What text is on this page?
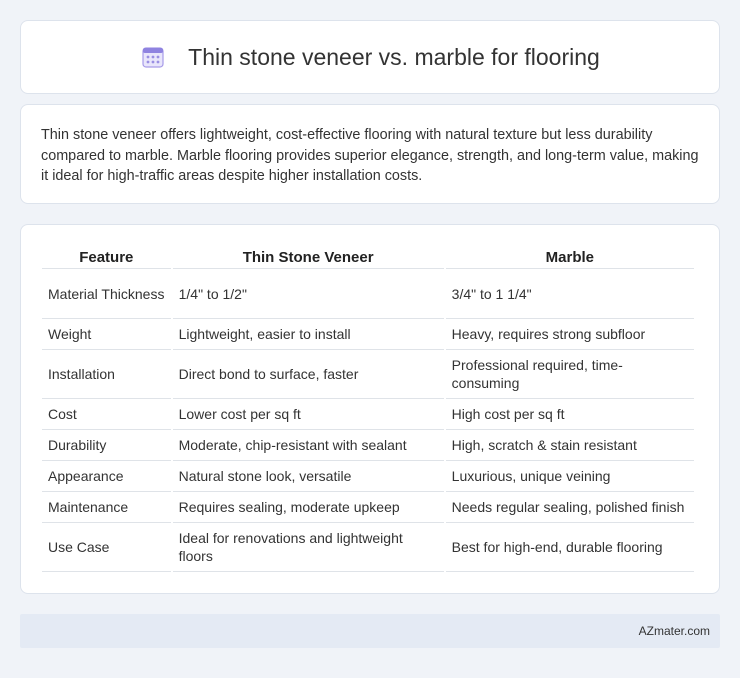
Thin stone veneer vs. marble for flooring

Thin stone veneer offers lightweight, cost-effective flooring with natural texture but less durability compared to marble. Marble flooring provides superior elegance, strength, and long-term value, making it ideal for high-traffic areas despite higher installation costs.

Feature	Thin Stone Veneer	Marble
Material Thickness	1/4" to 1/2"	3/4" to 1 1/4"
Weight	Lightweight, easier to install	Heavy, requires strong subfloor
Installation	Direct bond to surface, faster	Professional required, time-consuming
Cost	Lower cost per sq ft	High cost per sq ft
Durability	Moderate, chip-resistant with sealant	High, scratch & stain resistant
Appearance	Natural stone look, versatile	Luxurious, unique veining
Maintenance	Requires sealing, moderate upkeep	Needs regular sealing, polished finish
Use Case	Ideal for renovations and lightweight floors	Best for high-end, durable flooring
AZmater.com
